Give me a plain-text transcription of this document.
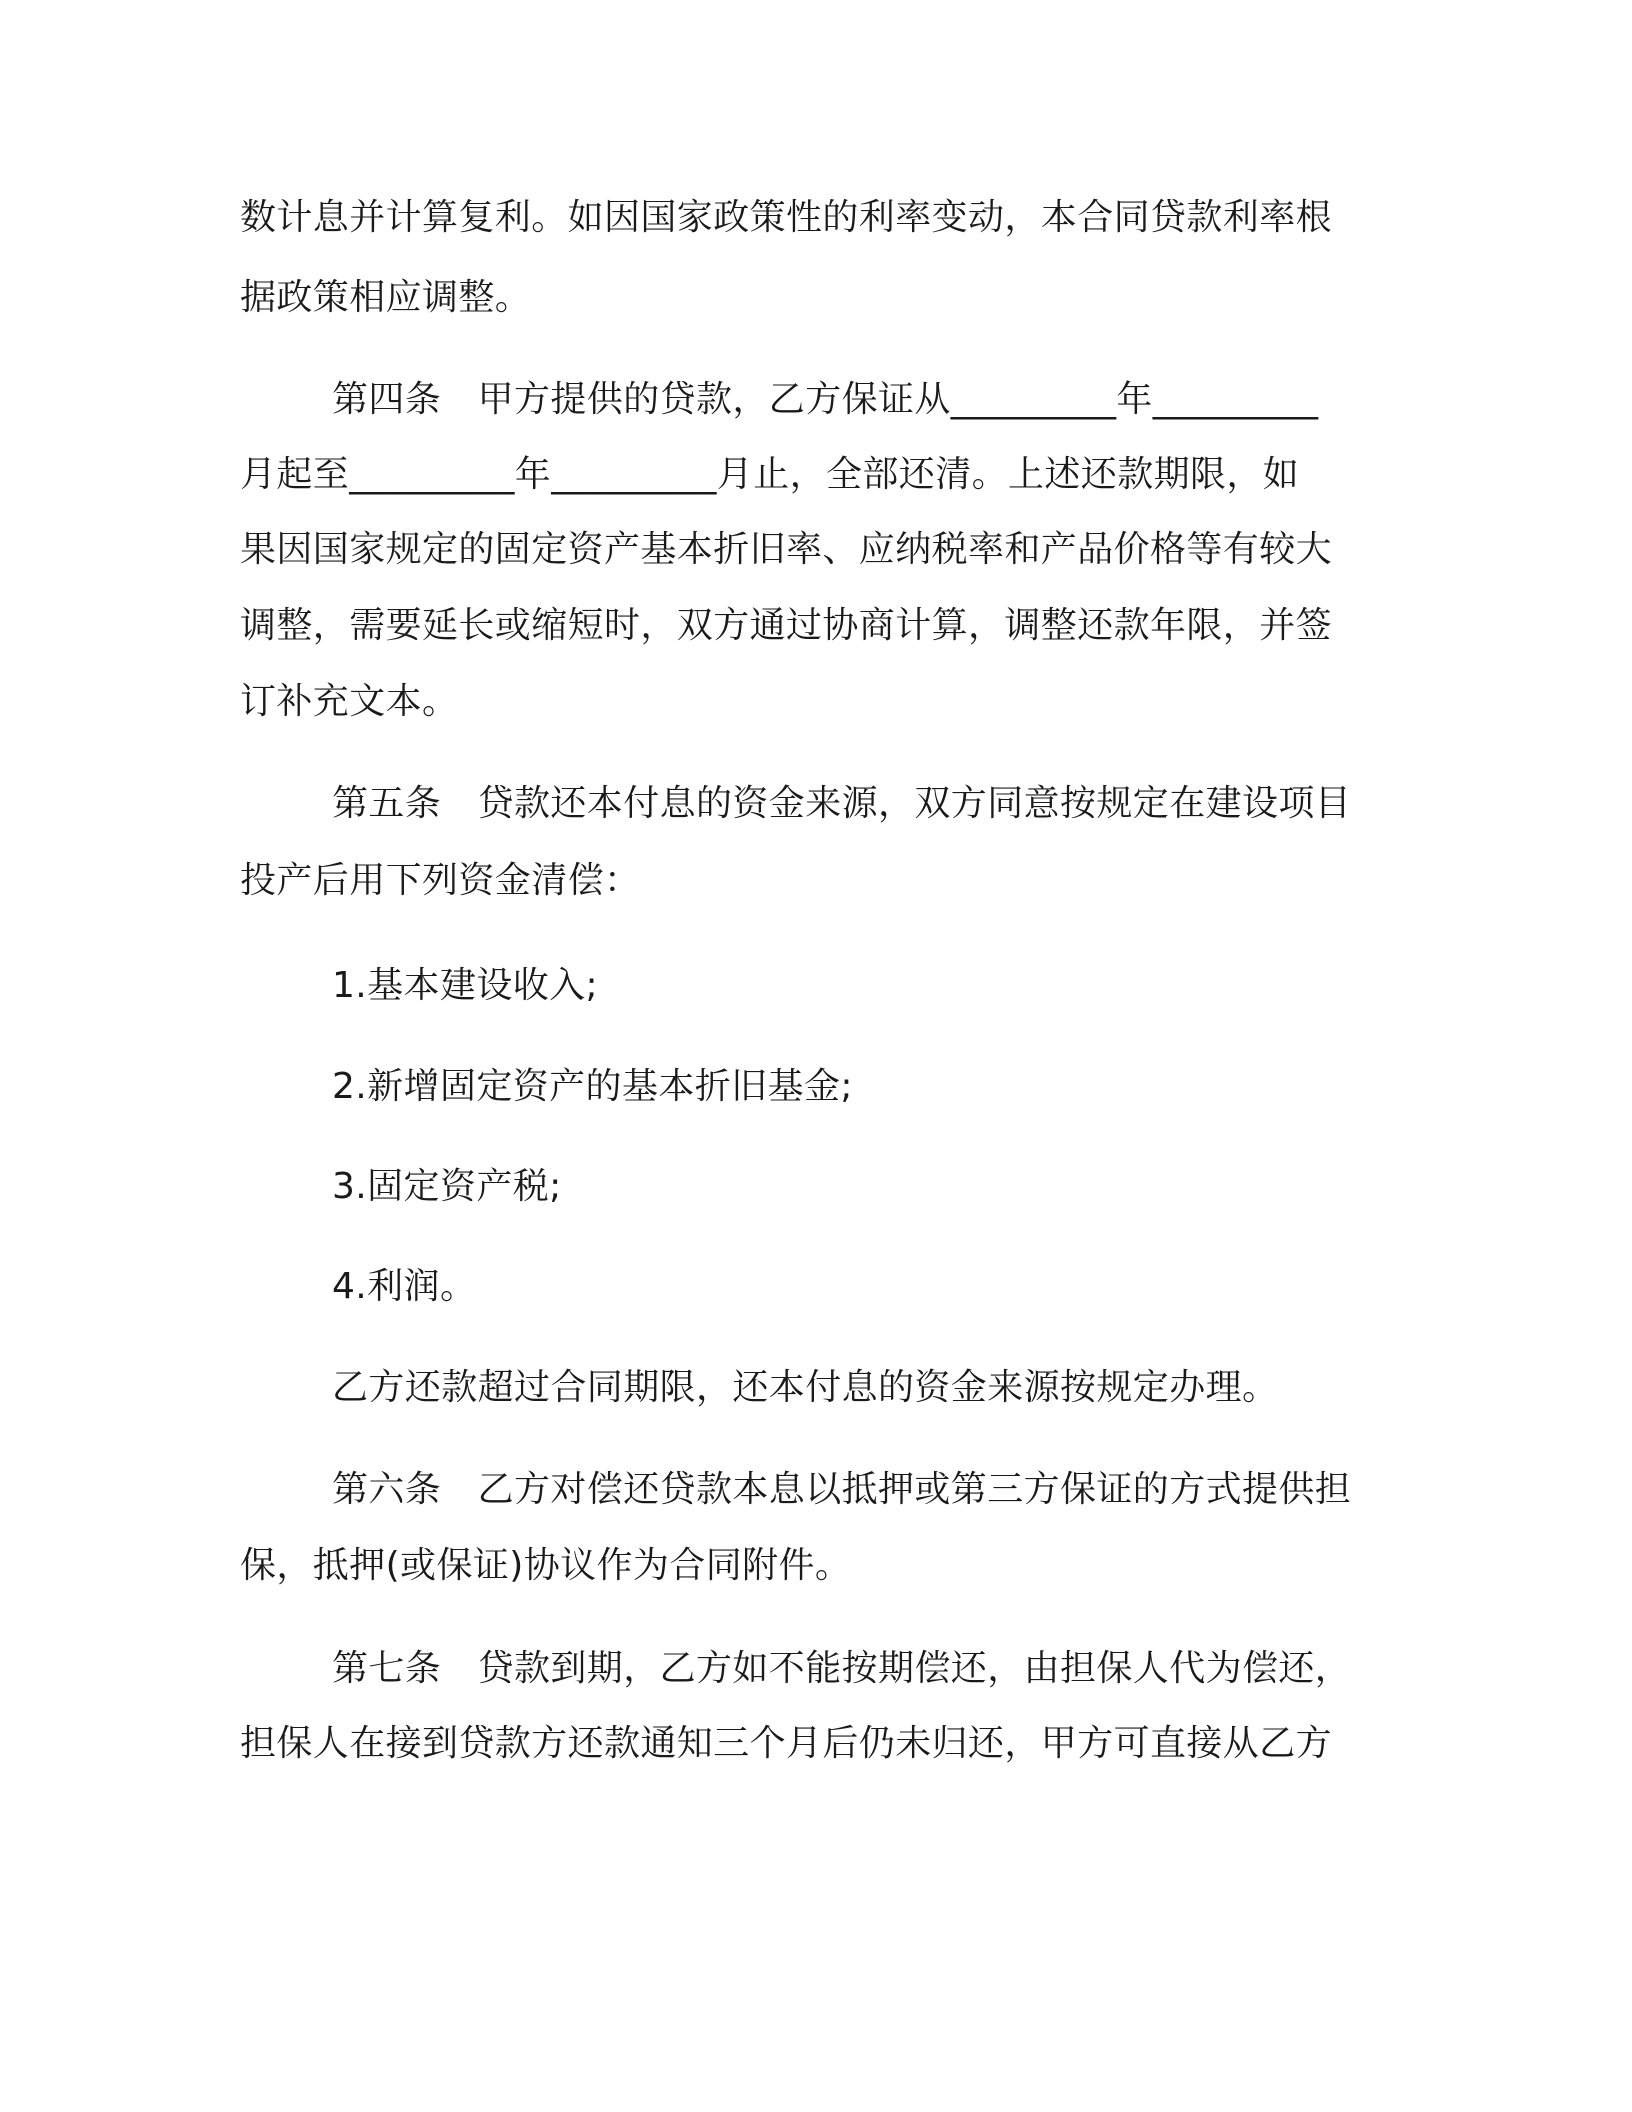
数计息并计算复利。如因国家政策性的利率变动，本合同贷款利率根
据政策相应调整。
第四条　甲方提供的贷款，乙方保证从_________年_________
月起至_________年_________月止，全部还清。上述还款期限，如
果因国家规定的固定资产基本折旧率、应纳税率和产品价格等有较大
调整，需要延长或缩短时，双方通过协商计算，调整还款年限，并签
订补充文本。
第五条　贷款还本付息的资金来源，双方同意按规定在建设项目
投产后用下列资金清偿：
1.基本建设收入;
2.新增固定资产的基本折旧基金;
3.固定资产税;
4.利润。
乙方还款超过合同期限，还本付息的资金来源按规定办理。
第六条　乙方对偿还贷款本息以抵押或第三方保证的方式提供担
保，抵押(或保证)协议作为合同附件。
第七条　贷款到期，乙方如不能按期偿还，由担保人代为偿还，
担保人在接到贷款方还款通知三个月后仍未归还，甲方可直接从乙方
